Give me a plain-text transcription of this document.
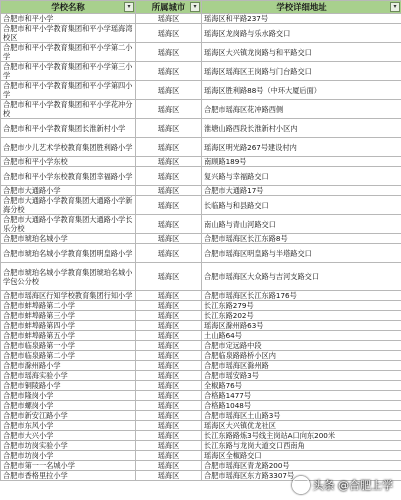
学校名称 ▾	所属城市 ▾	学校详细地址 ▾

合肥市和平小学	瑶海区	瑶海区和平路237号
合肥市和平小学教育集团和平小学瑶海湾校区	瑶海区	瑶海区龙岗路与乐水路交口
合肥市和平小学教育集团和平小学第二小学	瑶海区	瑶海区大兴镇龙岗路与和平路交口
合肥市和平小学教育集团和平小学第三小学	瑶海区	瑶海区瑶海区王岗路与门台路交口
合肥市和平小学教育集团和平小学第四小学	瑶海区	瑶海区胜利路88号（中环大厦后面）
合肥市和平小学教育集团和平小学花冲分校	瑶海区	合肥市瑶海区花冲路西侧
合肥市和平小学教育集团长淮新村小学	瑶海区	淮塘山路西段长淮新村小区内
合肥市少儿艺术学校教育集团胜利路小学	瑶海区	瑶海区明光路267号建设村内
合肥市和平小学东校	瑶海区	南顾路189号
合肥市和平小学东校教育集团幸福路小学	瑶海区	复兴路与幸福路交口
合肥市大通路小学	瑶海区	合肥市大通路17号
合肥市大通路小学教育集团大通路小学新海分校	瑶海区	长临路与和县路交口
合肥市大通路小学教育集团大通路小学长乐分校	瑶海区	南山路与青山河路交口
合肥市琥珀名城小学	瑶海区	合肥市瑶海区长江东路8号
合肥市琥珀名城小学教育集团明皇路小学	瑶海区	合肥市瑶海区明皇路与半塔路交口
合肥市琥珀名城小学教育集团琥珀名城小学包公分校	瑶海区	合肥市瑶海区大众路与吉河支路交口
合肥市瑶海区行知学校教育集团行知小学	瑶海区	合肥市瑶海区长江东路176号
合肥市蚌埠路第二小学	瑶海区	长江东路279号
合肥市蚌埠路第三小学	瑶海区	长江东路202号
合肥市蚌埠路第四小学	瑶海区	瑶海区滁州路63号
合肥市蚌埠路第五小学	瑶海区	土山路64号
合肥市临泉路第一小学	瑶海区	合肥市定远路中段
合肥市临泉路第二小学	瑶海区	合肥临泉路路桥小区内
合肥市滁州路小学	瑶海区	合肥市瑶海区滁州路
合肥市瑶海实验小学	瑶海区	合肥市瑶安路3号
合肥市铜陵路小学	瑶海区	全椒路76号
合肥市隆岗小学	瑶海区	合格路1477号
合肥市螺岗小学	瑶海区	合格路1048号
合肥市新安江路小学	瑶海区	合肥市瑶海区土山路3号
合肥市东风小学	瑶海区	瑶海区大兴镇优龙社区
合肥市大兴小学	瑶海区	长江东路路炼3号线主岗站A口向东200米
合肥市坊岗实验小学	瑶海区	长江东路与龙岗大道交口西南角
合肥市坊岗小学	瑶海区	瑶海区全椒路交口
合肥市第一一名城小学	瑶海区	合肥市瑶海区青龙路200号
合肥市香格里拉小学	瑶海区	合肥市瑶海区东方路3307号
头条 @合肥上学
